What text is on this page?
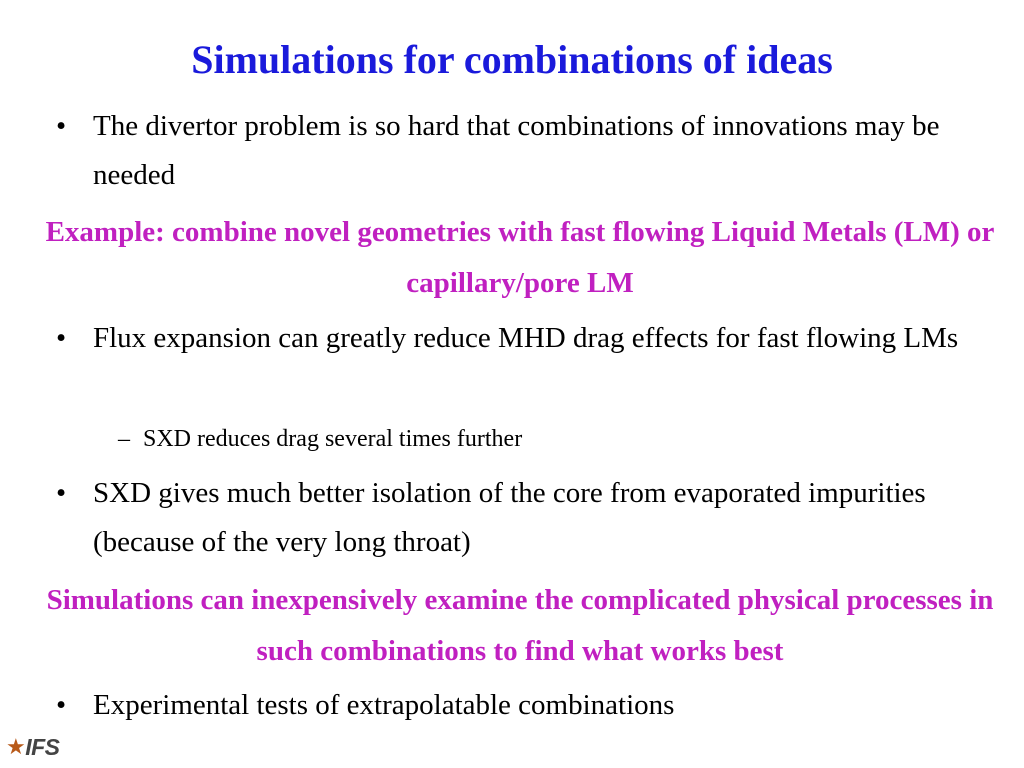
Simulations for combinations of ideas
• The divertor problem is so hard that combinations of innovations may be needed
Example: combine novel geometries with fast flowing Liquid Metals (LM) or capillary/pore LM
• Flux expansion can greatly reduce MHD drag effects for fast flowing LMs
– SXD reduces drag several times further
• SXD gives much better isolation of the core from evaporated impurities (because of the very long throat)
Simulations can inexpensively examine the complicated physical processes in such combinations to find what works best
• Experimental tests of extrapolatable combinations
★ IFS
